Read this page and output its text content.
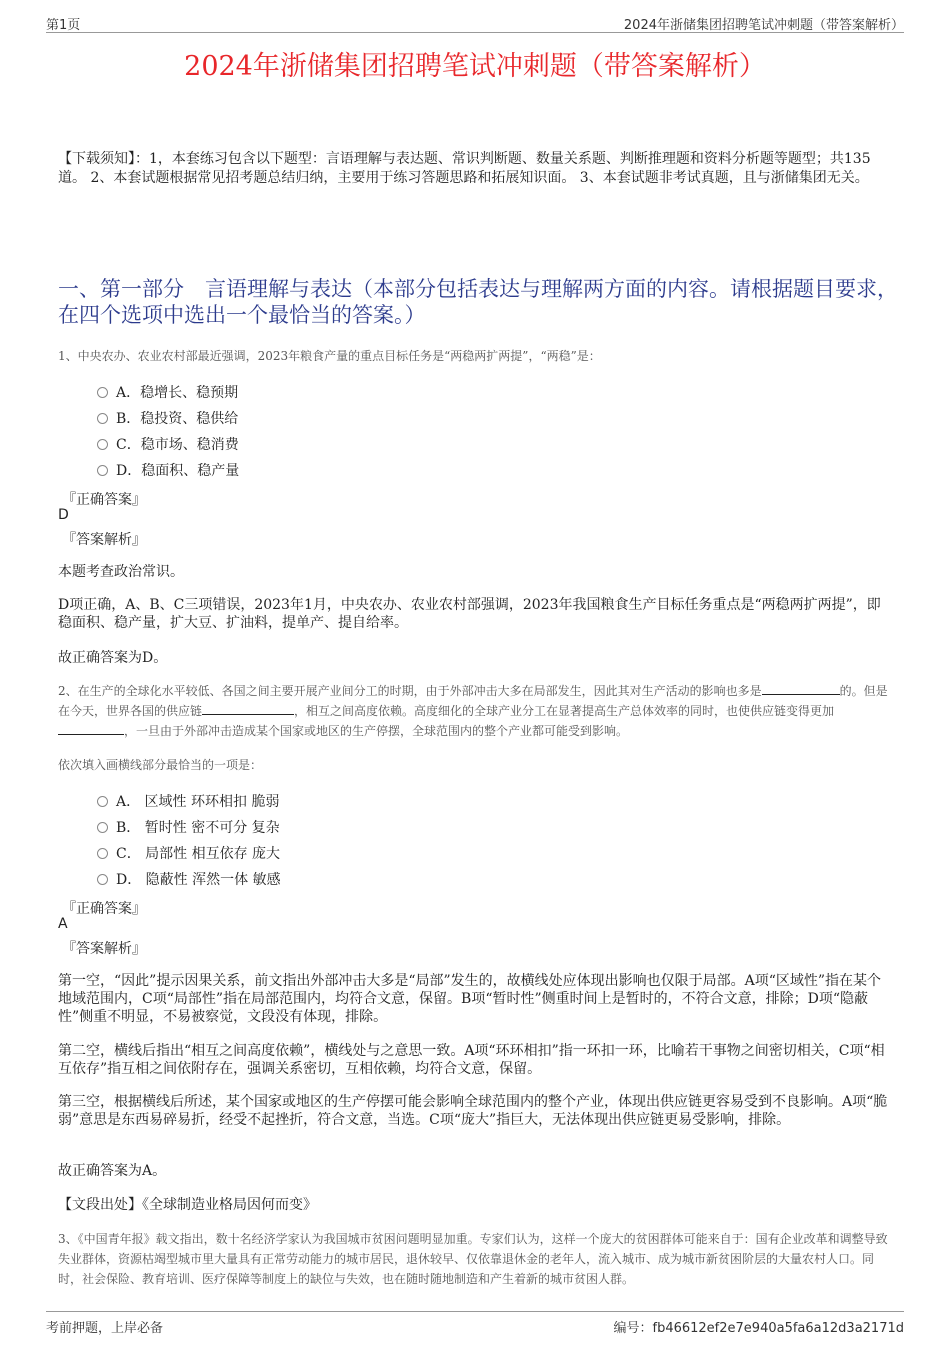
第1页	2024年浙储集团招聘笔试冲刺题（带答案解析）
2024年浙储集团招聘笔试冲刺题（带答案解析）
【下载须知】：1，本套练习包含以下题型：言语理解与表达题、常识判断题、数量关系题、判断推理题和资料分析题等题型；共135道。 2、本套试题根据常见招考题总结归纳，主要用于练习答题思路和拓展知识面。 3、本套试题非考试真题，且与浙储集团无关。
一、第一部分　言语理解与表达（本部分包括表达与理解两方面的内容。请根据题目要求，在四个选项中选出一个最恰当的答案。）
1、中央农办、农业农村部最近强调，2023年粮食产量的重点目标任务是“两稳两扩两提”，“两稳”是：
A．稳增长、稳预期
B．稳投资、稳供给
C．稳市场、稳消费
D．稳面积、稳产量
『正确答案』
D
『答案解析』
本题考查政治常识。
D项正确，A、B、C三项错误，2023年1月，中央农办、农业农村部强调，2023年我国粮食生产目标任务重点是“两稳两扩两提”，即稳面积、稳产量，扩大豆、扩油料，提单产、提自给率。
故正确答案为D。
2、在生产的全球化水平较低、各国之间主要开展产业间分工的时期，由于外部冲击大多在局部发生，因此其对生产活动的影响也多是	的。但是在今天，世界各国的供应链	，相互之间高度依赖。高度细化的全球产业分工在显著提高生产总体效率的同时，也使供应链变得更加，一旦由于外部冲击造成某个国家或地区的生产停摆，全球范围内的整个产业都可能受到影响。
依次填入画横线部分最恰当的一项是：
A． 区域性 环环相扣 脆弱
B． 暂时性 密不可分 复杂
C． 局部性 相互依存 庞大
D． 隐蔽性 浑然一体 敏感
『正确答案』
A
『答案解析』
第一空，“因此”提示因果关系，前文指出外部冲击大多是“局部”发生的，故横线处应体现出影响也仅限于局部。A项“区域性”指在某个地域范围内，C项“局部性”指在局部范围内，均符合文意，保留。B项“暂时性”侧重时间上是暂时的，不符合文意，排除；D项“隐蔽性”侧重不明显，不易被察觉，文段没有体现，排除。
第二空，横线后指出“相互之间高度依赖”，横线处与之意思一致。A项“环环相扣”指一环扣一环，比喻若干事物之间密切相关，C项“相互依存”指互相之间依附存在，强调关系密切，互相依赖，均符合文意，保留。
第三空，根据横线后所述，某个国家或地区的生产停摆可能会影响全球范围内的整个产业，体现出供应链更容易受到不良影响。A项“脆弱”意思是东西易碎易折，经受不起挫折，符合文意，当选。C项“庞大”指巨大，无法体现出供应链更易受影响，排除。
故正确答案为A。
【文段出处】《全球制造业格局因何而变》
3、《中国青年报》载文指出，数十名经济学家认为我国城市贫困问题明显加重。专家们认为，这样一个庞大的贫困群体可能来自于：国有企业改革和调整导致失业群体，资源枯竭型城市里大量具有正常劳动能力的城市居民，退休较早、仅依靠退休金的老年人，流入城市、成为城市新贫困阶层的大量农村人口。同时，社会保险、教育培训、医疗保障等制度上的缺位与失效，也在随时随地制造和产生着新的城市贫困人群。
考前押题，上岸必备	编号：fb46612ef2e7e940a5fa6a12d3a2171d
